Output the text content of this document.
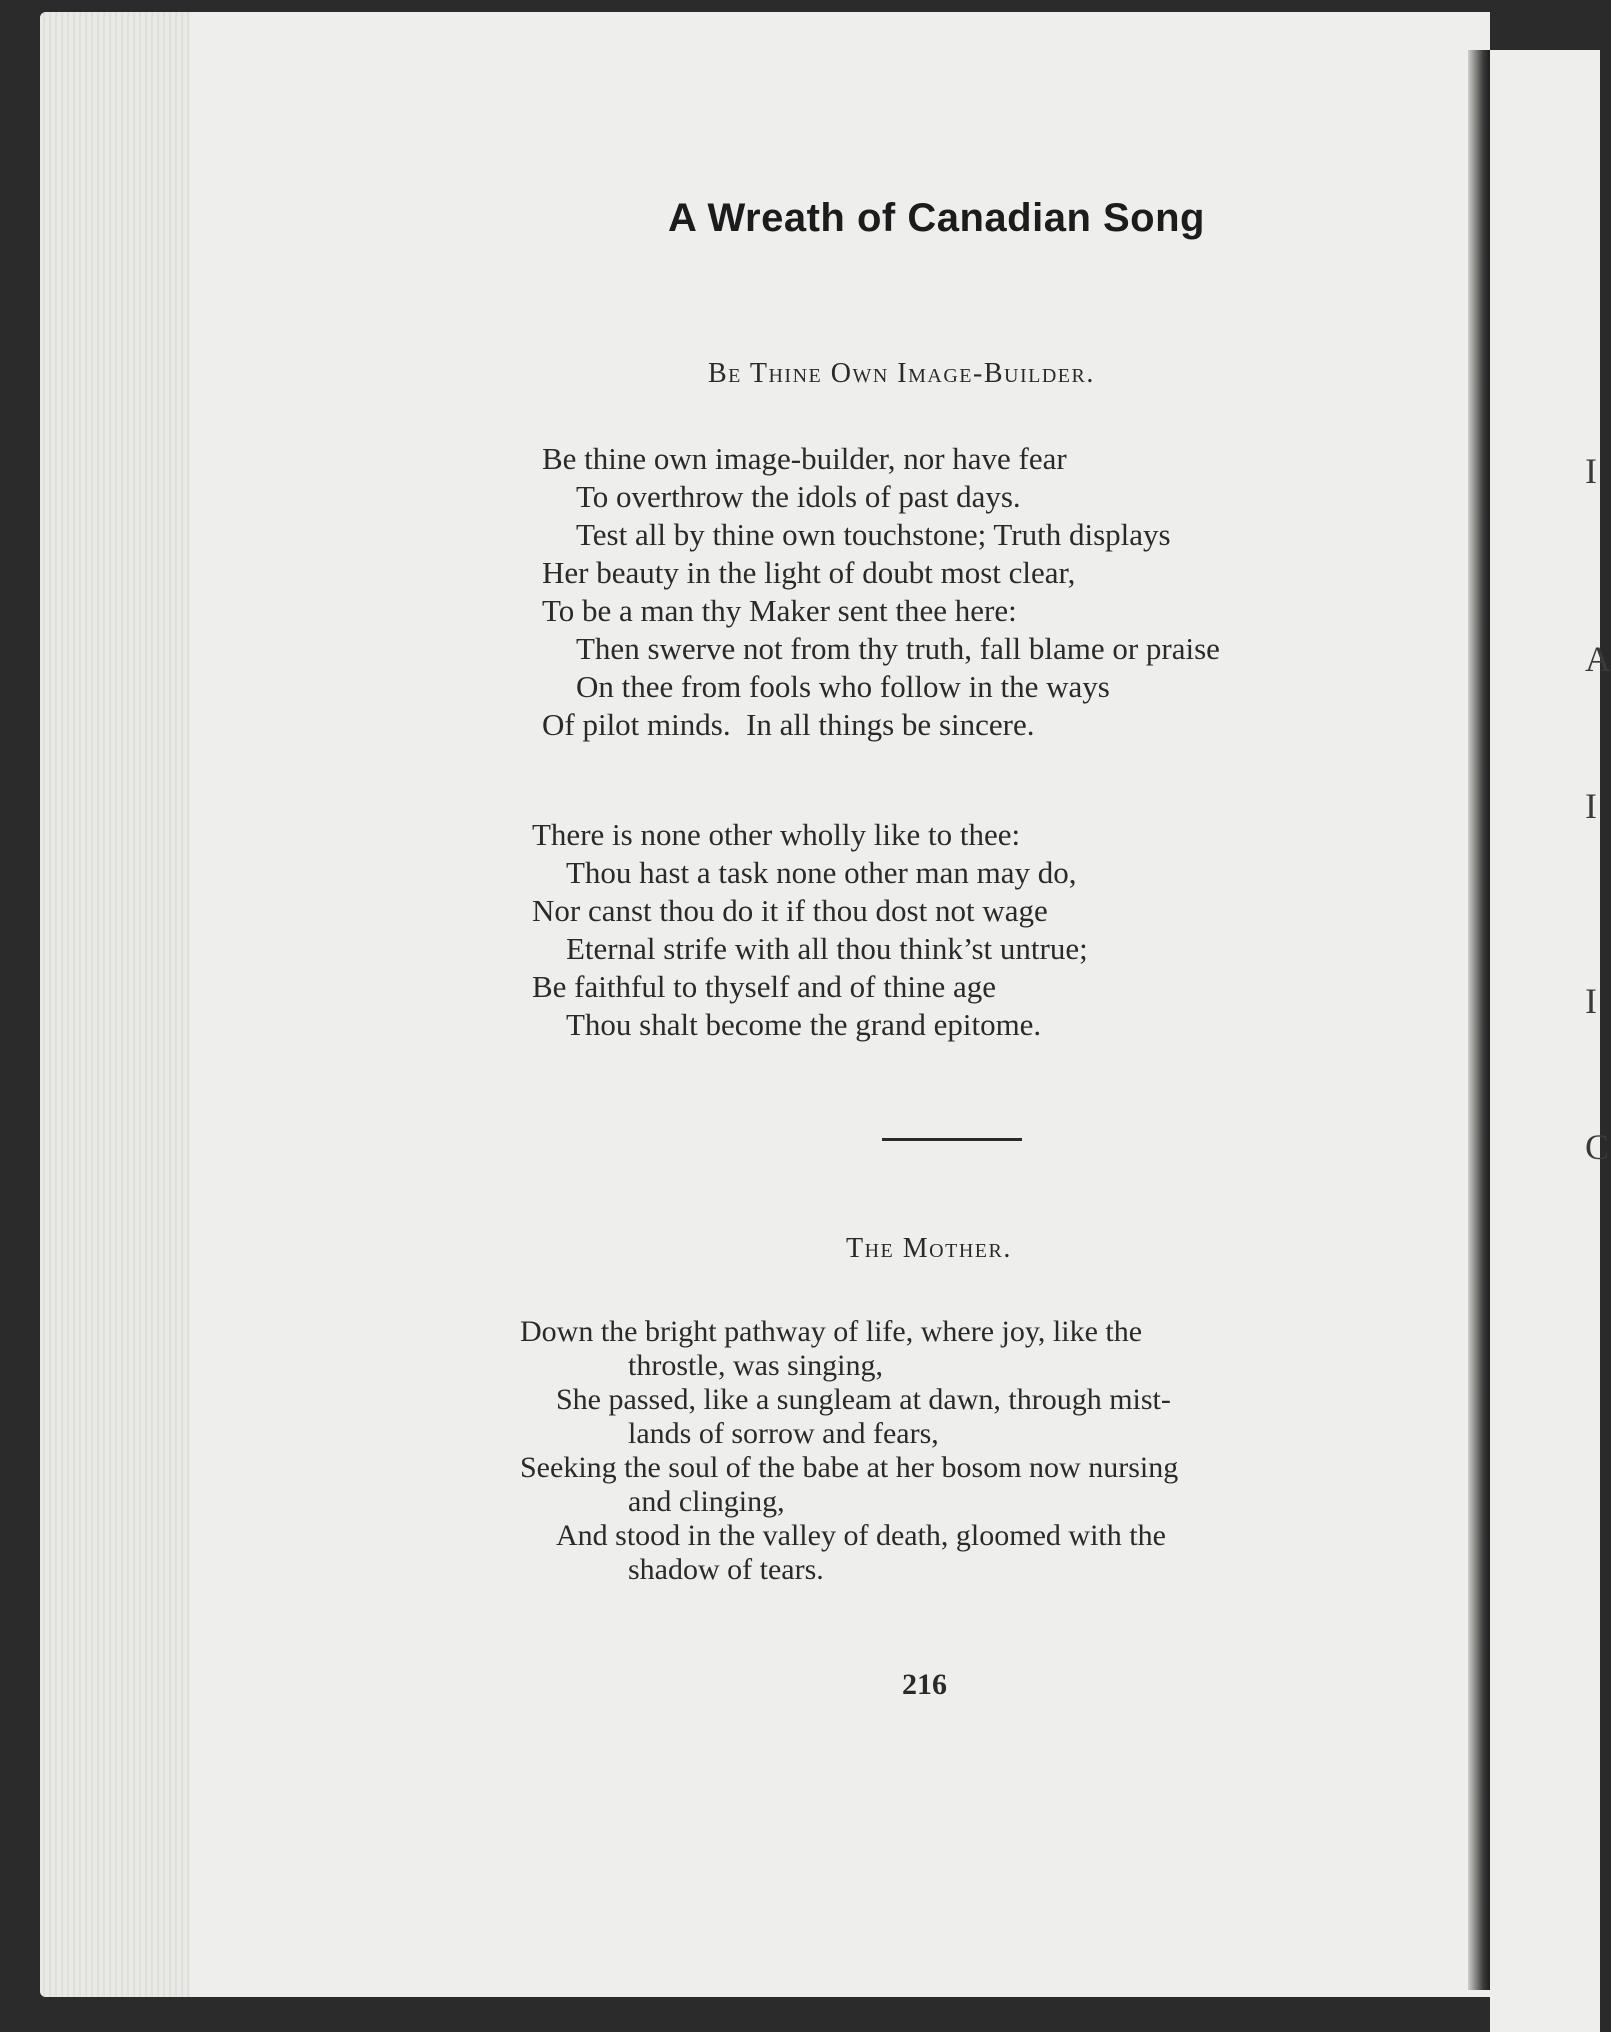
I
A
I
I
C
A Wreath of Canadian Song
Be Thine Own Image-Builder.
Be thine own image-builder, nor have fear
To overthrow the idols of past days.
Test all by thine own touchstone; Truth displays
Her beauty in the light of doubt most clear,
To be a man thy Maker sent thee here:
Then swerve not from thy truth, fall blame or praise
On thee from fools who follow in the ways
Of pilot minds.  In all things be sincere.
There is none other wholly like to thee:
Thou hast a task none other man may do,
Nor canst thou do it if thou dost not wage
Eternal strife with all thou think’st untrue;
Be faithful to thyself and of thine age
Thou shalt become the grand epitome.
The Mother.
Down the bright pathway of life, where joy, like the
throstle, was singing,
She passed, like a sungleam at dawn, through mist-
lands of sorrow and fears,
Seeking the soul of the babe at her bosom now nursing
and clinging,
And stood in the valley of death, gloomed with the
shadow of tears.
216
